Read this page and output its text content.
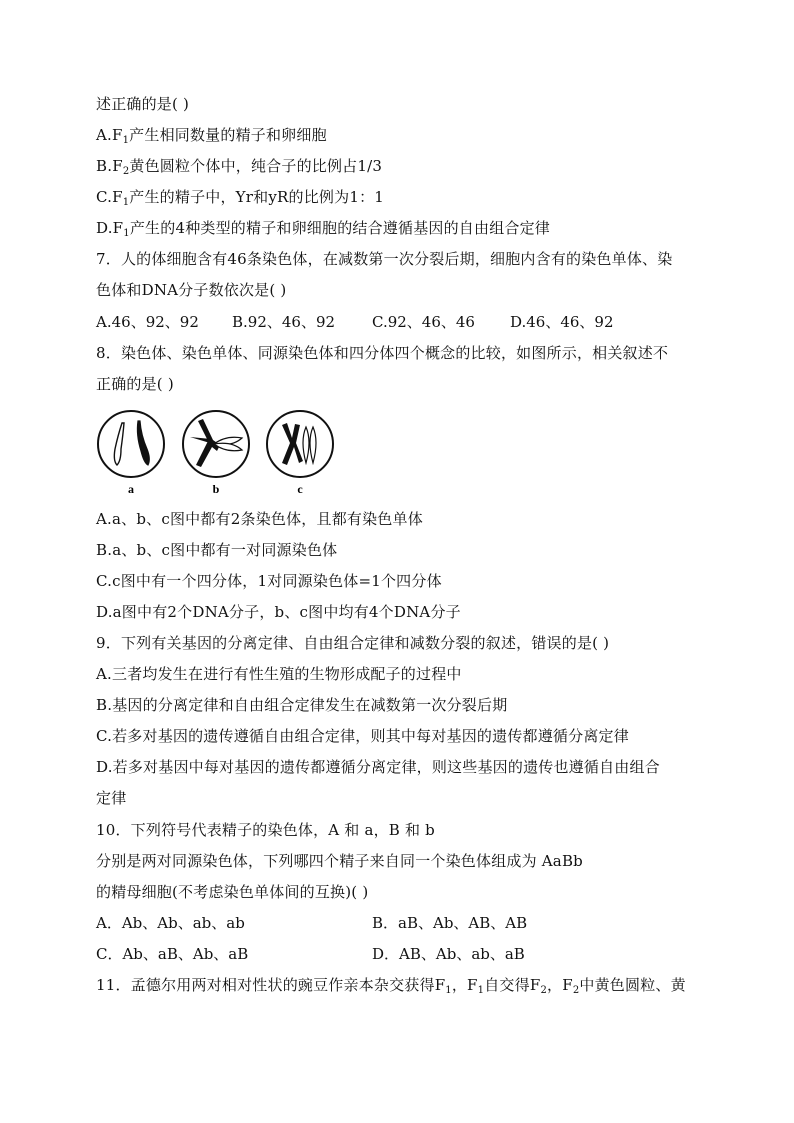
述正确的是( )
$A.F_1$产生相同数量的精子和卵细胞
$B.F_2$黄色圆粒个体中，纯合子的比例占1/3
$C.F_1$产生的精子中，Yr和yR的比例为1：1
$D.F_1$产生的4种类型的精子和卵细胞的结合遵循基因的自由组合定律
7．人的体细胞含有46条染色体，在减数第一次分裂后期，细胞内含有的染色单体、染
色体和DNA分子数依次是( )
A.46、92、92 B.92、46、92 C.92、46、46 D.46、46、92
8．染色体、染色单体、同源染色体和四分体四个概念的比较，如图所示，相关叙述不
正确的是( )
a	b	c
A.a、b、c图中都有2条染色体，且都有染色单体
B.a、b、c图中都有一对同源染色体
C.c图中有一个四分体，1对同源染色体=1个四分体
D.a图中有2个DNA分子，b、c图中均有4个DNA分子
9．下列有关基因的分离定律、自由组合定律和减数分裂的叙述，错误的是( )
A.三者均发生在进行有性生殖的生物形成配子的过程中
B.基因的分离定律和自由组合定律发生在减数第一次分裂后期
C.若多对基因的遗传遵循自由组合定律，则其中每对基因的遗传都遵循分离定律
D.若多对基因中每对基因的遗传都遵循分离定律，则这些基因的遗传也遵循自由组合
定律
10．下列符号代表精子的染色体，A 和 a，B 和 b
分别是两对同源染色体，下列哪四个精子来自同一个染色体组成为 AaBb
的精母细胞(不考虑染色单体间的互换)( )
A．Ab、Ab、ab、ab	B．aB、Ab、AB、AB
C．Ab、aB、Ab、aB	D．AB、Ab、ab、aB
11．孟德尔用两对相对性状的豌豆作亲本杂交获得$F_1$，$F_1$自交得$F_2$，$F_2$中黄色圆粒、黄
